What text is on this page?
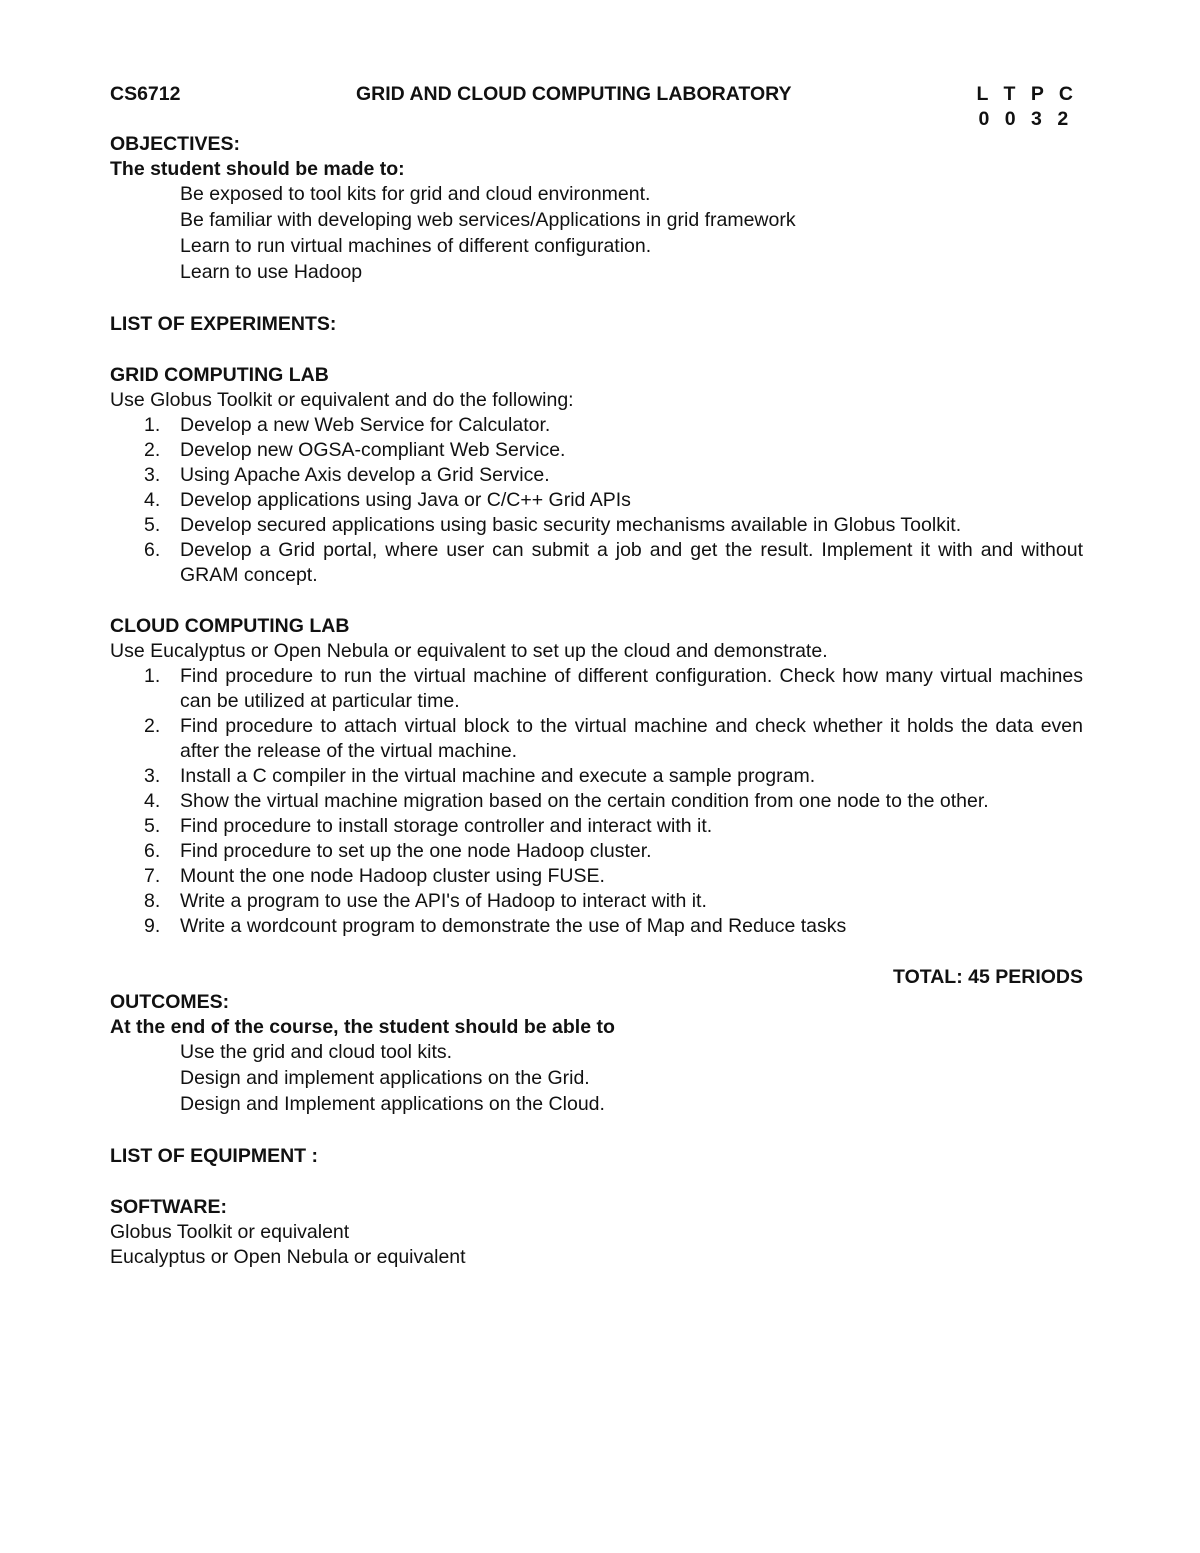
CS6712	GRID AND CLOUD COMPUTING LABORATORY	L T P C
0 0 3 2
OBJECTIVES:
The student should be made to:
Be exposed to tool kits for grid and cloud environment.
Be familiar with developing web services/Applications in grid framework
Learn to run virtual machines of different configuration.
Learn to use Hadoop
LIST OF EXPERIMENTS:
GRID COMPUTING LAB
Use Globus Toolkit or equivalent and do the following:
1.	Develop a new Web Service for Calculator.
2.	Develop new OGSA-compliant Web Service.
3.	Using Apache Axis develop a Grid Service.
4.	Develop applications using Java or C/C++ Grid APIs
5.	Develop secured applications using basic security mechanisms available in Globus Toolkit.
6.	Develop a Grid portal, where user can submit a job and get the result. Implement it with and without GRAM concept.
CLOUD COMPUTING LAB
Use Eucalyptus or Open Nebula or equivalent to set up the cloud and demonstrate.
1.	Find procedure to run the virtual machine of different configuration. Check how many virtual machines can be utilized at particular time.
2.	Find procedure to attach virtual block to the virtual machine and check whether it holds the data even after the release of the virtual machine.
3.	Install a C compiler in the virtual machine and execute a sample program.
4.	Show the virtual machine migration based on the certain condition from one node to the other.
5.	Find procedure to install storage controller and interact with it.
6.	Find procedure to set up the one node Hadoop cluster.
7.	Mount the one node Hadoop cluster using FUSE.
8.	Write a program to use the API's of Hadoop to interact with it.
9.	Write a wordcount program to demonstrate the use of Map and Reduce tasks
TOTAL: 45 PERIODS
OUTCOMES:
At the end of the course, the student should be able to
Use the grid and cloud tool kits.
Design and implement applications on the Grid.
Design and Implement applications on the Cloud.
LIST OF EQUIPMENT :
SOFTWARE:
Globus Toolkit or equivalent
Eucalyptus or Open Nebula or equivalent
